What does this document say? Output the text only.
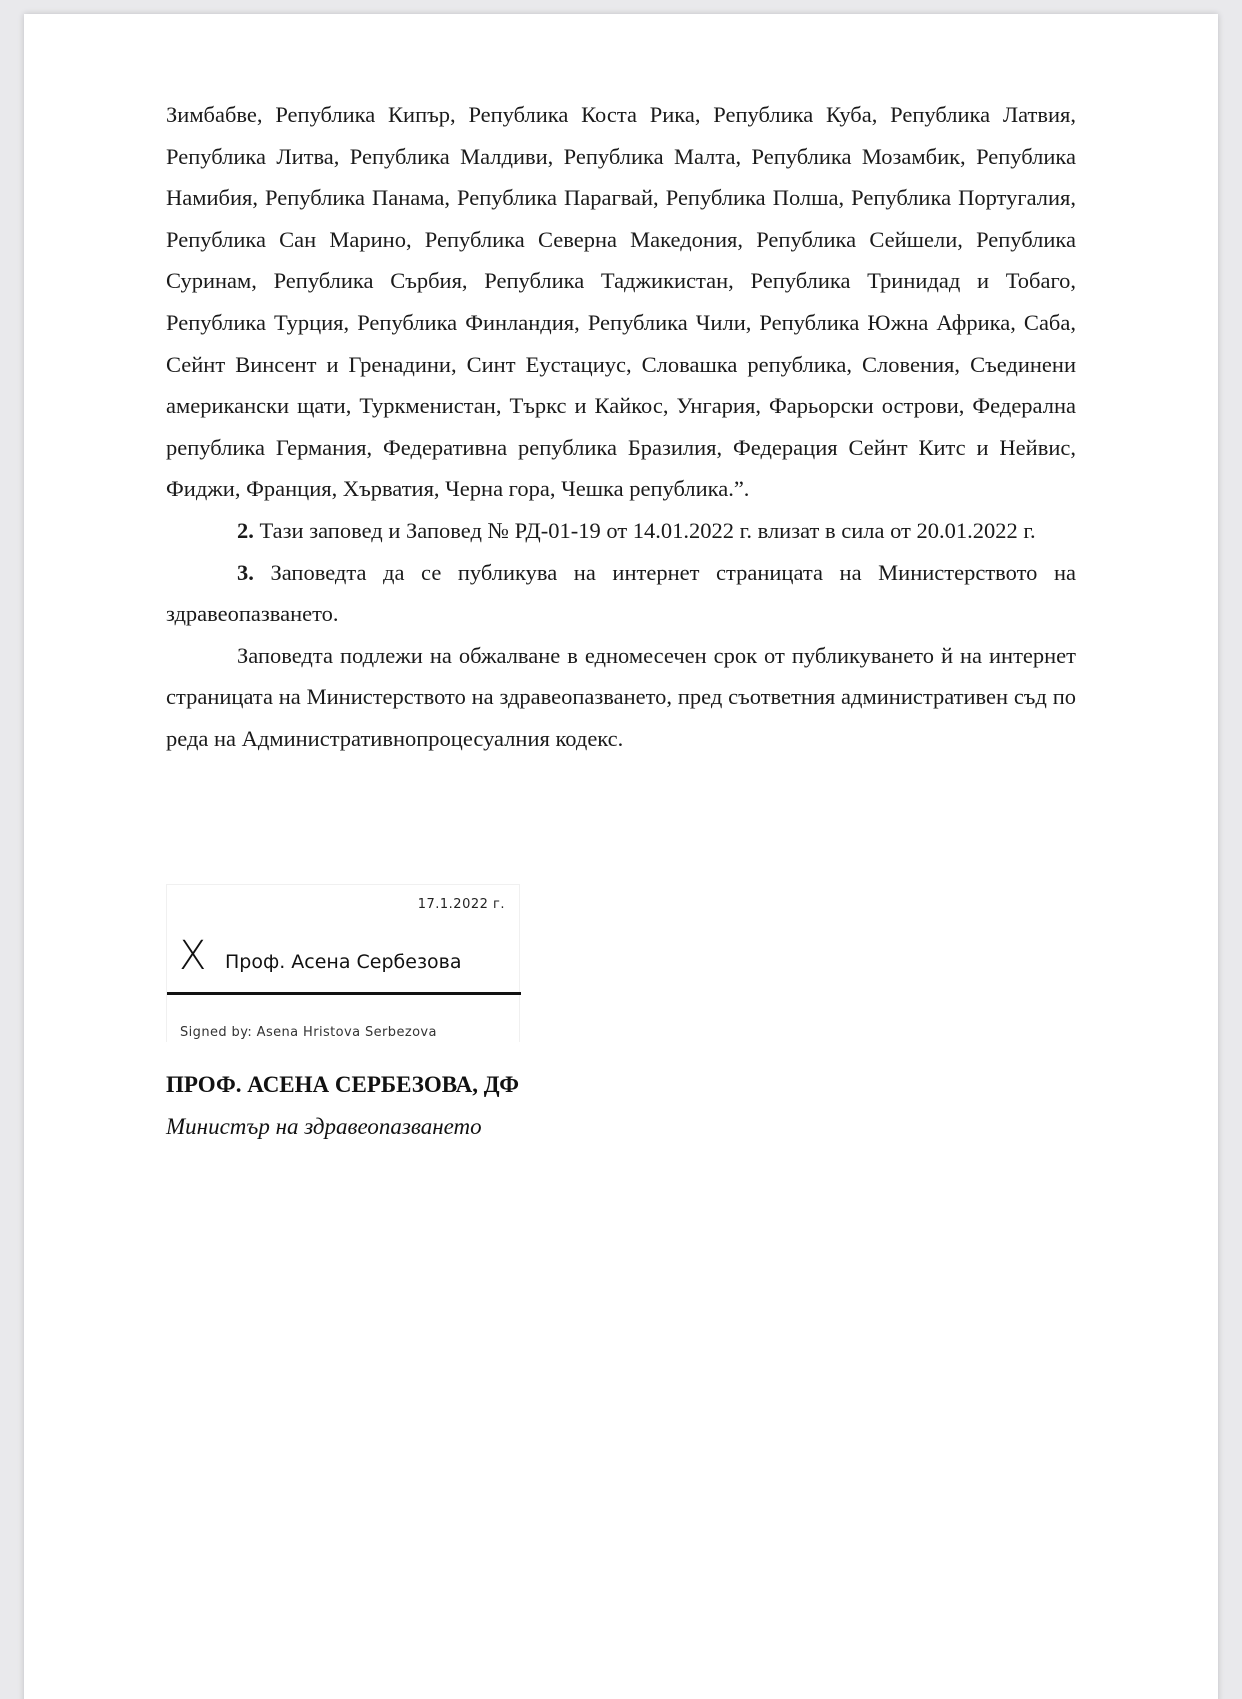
Зимбабве, Република Кипър, Република Коста Рика, Република Куба, Република Латвия, Република Литва, Република Малдиви, Република Малта, Република Мозамбик, Република Намибия, Република Панама, Република Парагвай, Република Полша, Република Португалия, Република Сан Марино, Република Северна Македония, Република Сейшели, Република Суринам, Република Сърбия, Република Таджикистан, Република Тринидад и Тобаго, Република Турция, Република Финландия, Република Чили, Република Южна Африка, Саба, Сейнт Винсент и Гренадини, Синт Еустациус, Словашка република, Словения, Съединени американски щати, Туркменистан, Търкс и Кайкос, Унгария, Фарьорски острови, Федерална република Германия, Федеративна република Бразилия, Федерация Сейнт Китс и Нейвис, Фиджи, Франция, Хърватия, Черна гора, Чешка република.”.

2. Тази заповед и Заповед № РД-01-19 от 14.01.2022 г. влизат в сила от 20.01.2022 г.

3. Заповедта да се публикува на интернет страницата на Министерството на здравеопазването.

Заповедта подлежи на обжалване в едномесечен срок от публикуването й на интернет страницата на Министерството на здравеопазването, пред съответния административен съд по реда на Административнопроцесуалния кодекс.

17.1.2022 г.
X Проф. Асена Сербезова
Signed by: Asena Hristova Serbezova
ПРОФ. АСЕНА СЕРБЕЗОВА, ДФ
Министър на здравеопазването
